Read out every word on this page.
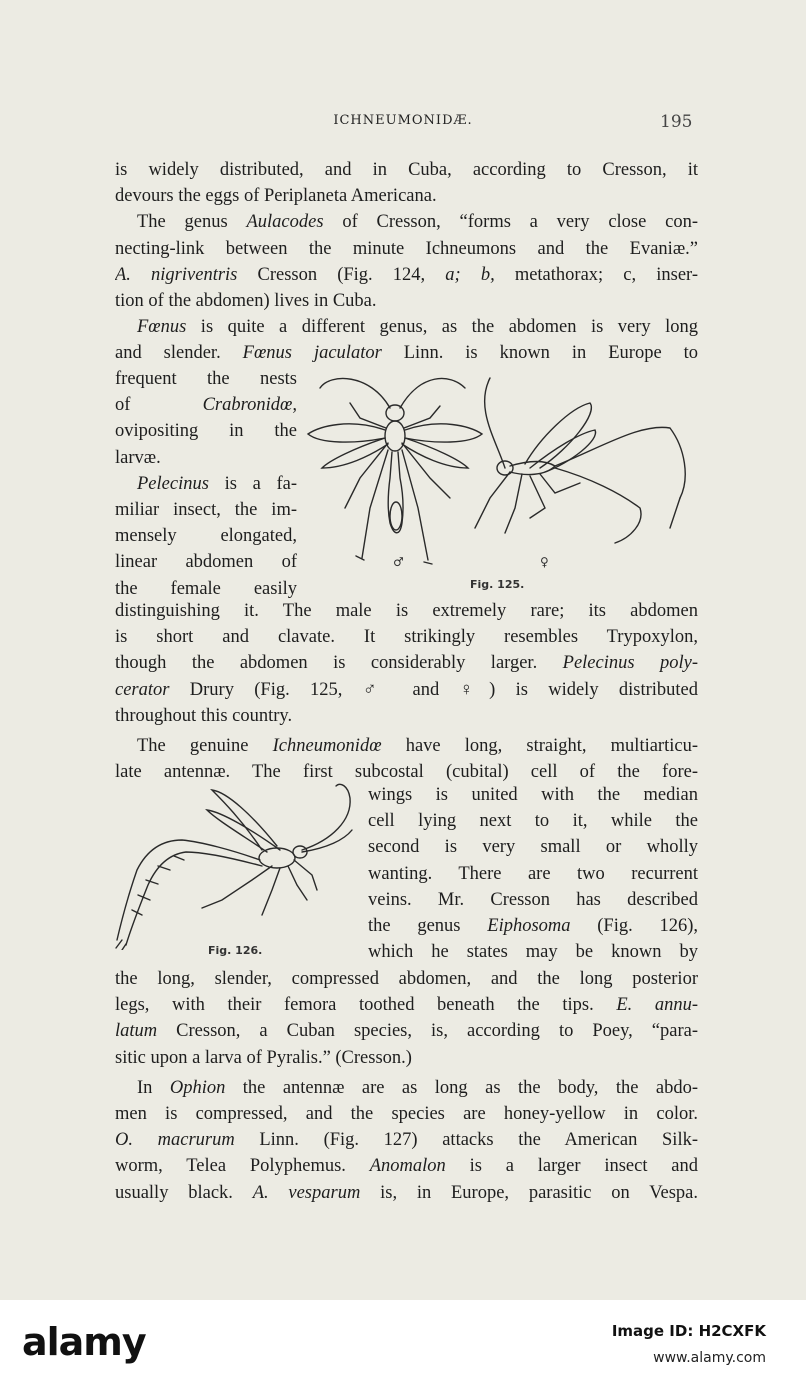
ICHNEUMONIDÆ.	195
is widely distributed, and in Cuba, according to Cresson, it
devours the eggs of Periplaneta Americana.
The genus Aulacodes of Cresson, “forms a very close con-
necting-link between the minute Ichneumons and the Evaniæ.”
A. nigriventris Cresson (Fig. 124, a; b, metathorax; c, inser-
tion of the abdomen) lives in Cuba.
Fœnus is quite a different genus, as the abdomen is very long
and slender. Fœnus jaculator Linn. is known in Europe to
frequent the nests
of Crabronidœ,
ovipositing in the
larvæ.
Pelecinus is a fa-
miliar insect, the im-
mensely elongated,
linear abdomen of
the female easily
♂	♀
Fig. 125.
distinguishing it. The male is extremely rare; its abdomen
is short and clavate. It strikingly resembles Trypoxylon,
though the abdomen is considerably larger. Pelecinus poly-
cerator Drury (Fig. 125, ♂ and ♀) is widely distributed
throughout this country.
The genuine Ichneumonidœ have long, straight, multiarticu-
late antennæ. The first subcostal (cubital) cell of the fore-
Fig. 126.
wings is united with the median
cell lying next to it, while the
second is very small or wholly
wanting. There are two recurrent
veins. Mr. Cresson has described
the genus Eiphosoma (Fig. 126),
which he states may be known by
the long, slender, compressed abdomen, and the long posterior
legs, with their femora toothed beneath the tips. E. annu-
latum Cresson, a Cuban species, is, according to Poey, “para-
sitic upon a larva of Pyralis.” (Cresson.)
In Ophion the antennæ are as long as the body, the abdo-
men is compressed, and the species are honey-yellow in color.
O. macrurum Linn. (Fig. 127) attacks the American Silk-
worm, Telea Polyphemus. Anomalon is a larger insect and
usually black. A. vesparum is, in Europe, parasitic on Vespa.
alamy	Image ID: H2CXFK
www.alamy.com
